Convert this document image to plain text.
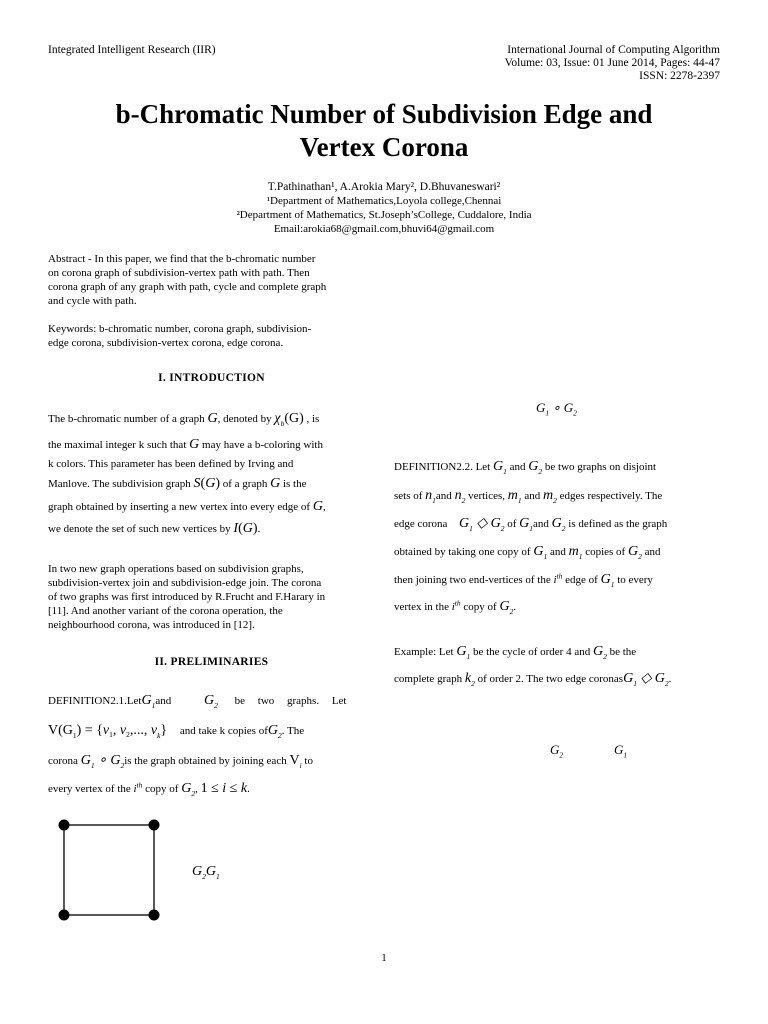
Integrated Intelligent Research (IIR)	International Journal of Computing Algorithm
Volume: 03, Issue: 01 June 2014, Pages: 44-47
ISSN: 2278-2397
b-Chromatic Number of Subdivision Edge and
Vertex Corona
T.Pathinathan¹, A.Arokia Mary², D.Bhuvaneswari²
¹Department of Mathematics,Loyola college,Chennai
²Department of Mathematics, St.Joseph’sCollege, Cuddalore, India
Email:arokia68@gmail.com,bhuvi64@gmail.com
Abstract - In this paper, we find that the b-chromatic number
on corona graph of subdivision-vertex path with path. Then
corona graph of any graph with path, cycle and complete graph
and cycle with path.
Keywords: b-chromatic number, corona graph, subdivision-
edge corona, subdivision-vertex corona, edge corona.
I. INTRODUCTION
The b-chromatic number of a graph G, denoted by $\chi_b(G)$ , is
the maximal integer k such that G may have a b-coloring with
k colors. This parameter has been defined by Irving and
Manlove. The subdivision graph S(G) of a graph G is the
graph obtained by inserting a new vertex into every edge of G,
we denote the set of such new vertices by I(G).
In two new graph operations based on subdivision graphs,
subdivision-vertex join and subdivision-edge join. The corona
of two graphs was first introduced by R.Frucht and F.Harary in
[11]. And another variant of the corona operation, the
neighbourhood corona, was introduced in [12].
II. PRELIMINARIES
DEFINITION2.1.LetG$_1$and $G_2$ be two graphs. Let
$V(G_1) = \{v_1$, $v_2$,..., $v_k$} and take k copies ofG$_2$. The
corona $G_1$ ∘ $G_2is$ the graph obtained by joining each $V_i$ to
every vertex of the $i^{th}$ copy of $G_2$, 1 ≤ i ≤ k.
$G_2G_1$
$G_1$ ∘ $G_2$
DEFINITION2.2. Let $G_1$ and $G_2$ be two graphs on disjoint
sets of $n_1and$ $n_2$ vertices, $m_1$ and $m_2$ edges respectively. The
edge corona $G_1$ ◇ $G_2$ of $G_1and$ $G_2$ is defined as the graph
obtained by taking one copy of $G_1$ and $m_1$ copies of $G_2$ and
then joining two end-vertices of the $i^{th}$ edge of $G_1$ to every
vertex in the $i^{th}$ copy of $G_2$.
Example: Let $G_1$ be the cycle of order 4 and $G_2$ be the
complete graph $k_2$ of order 2. The two edge coronasG$_1$ ◇ $G_2$.
$G_2$	$G_1$
1
